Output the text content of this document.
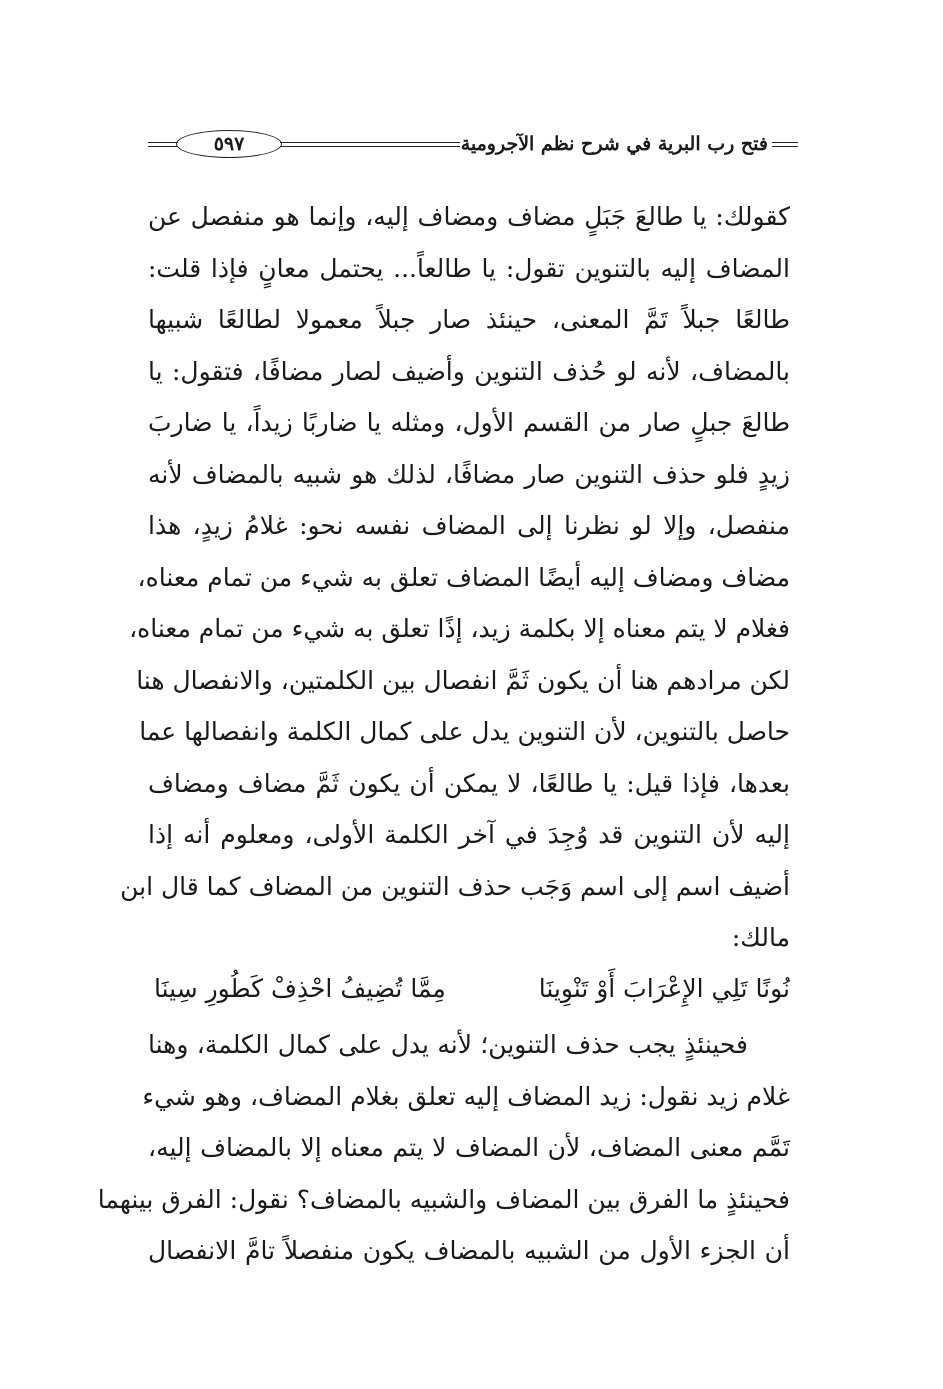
٥٩٧	فتح رب البرية في شرح نظم الآجرومية
كقولك: يا طالعَ جَبَلٍ مضاف ومضاف إليه، وإنما هو منفصل عن
المضاف إليه بالتنوين تقول: يا طالعاً... يحتمل معانٍ فإذا قلت:
طالعًا جبلاً تَمَّ المعنى، حينئذ صار جبلاً معمولا لطالعًا شبيها
بالمضاف، لأنه لو حُذف التنوين وأضيف لصار مضافًا، فتقول: يا
طالعَ جبلٍ صار من القسم الأول، ومثله يا ضاربًا زيداً، يا ضاربَ
زيدٍ فلو حذف التنوين صار مضافًا، لذلك هو شبيه بالمضاف لأنه
منفصل، وإلا لو نظرنا إلى المضاف نفسه نحو: غلامُ زيدٍ، هذا
مضاف ومضاف إليه أيضًا المضاف تعلق به شيء من تمام معناه،
فغلام لا يتم معناه إلا بكلمة زيد، إذًا تعلق به شيء من تمام معناه،
لكن مرادهم هنا أن يكون ثَمَّ انفصال بين الكلمتين، والانفصال هنا
حاصل بالتنوين، لأن التنوين يدل على كمال الكلمة وانفصالها عما
بعدها، فإذا قيل: يا طالعًا، لا يمكن أن يكون ثَمَّ مضاف ومضاف
إليه لأن التنوين قد وُجِدَ في آخر الكلمة الأولى، ومعلوم أنه إذا
أضيف اسم إلى اسم وَجَب حذف التنوين من المضاف كما قال ابن
مالك:
نُونًا تَلِي الإِعْرَابَ أَوْ تَنْوِينَا
مِمَّا تُضِيفُ احْذِفْ كَطُورِ سِينَا
فحينئذٍ يجب حذف التنوين؛ لأنه يدل على كمال الكلمة، وهنا
غلام زيد نقول: زيد المضاف إليه تعلق بغلام المضاف، وهو شيء
تَمَّم معنى المضاف، لأن المضاف لا يتم معناه إلا بالمضاف إليه،
فحينئذٍ ما الفرق بين المضاف والشبيه بالمضاف؟ نقول: الفرق بينهما
أن الجزء الأول من الشبيه بالمضاف يكون منفصلاً تامَّ الانفصال
